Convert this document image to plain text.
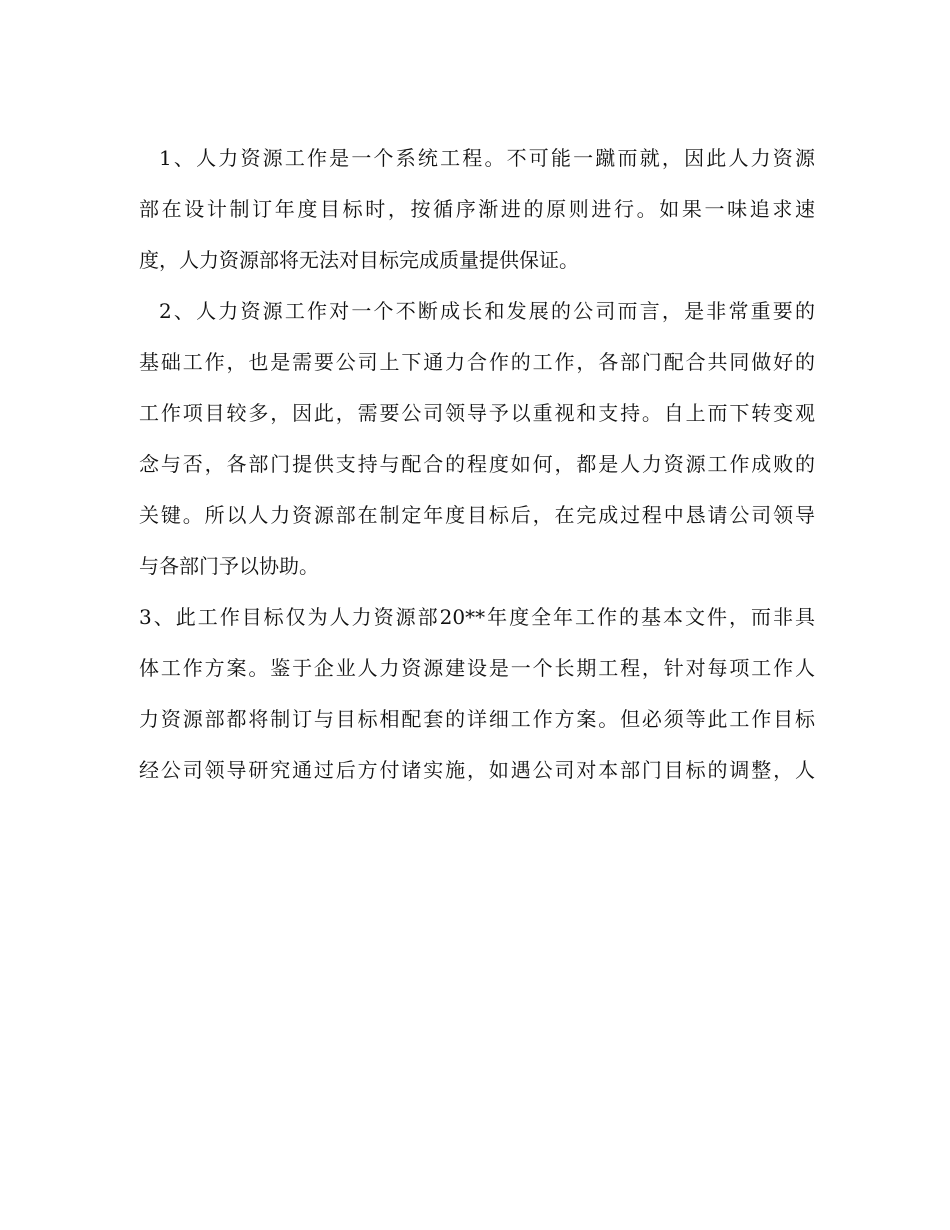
1、人力资源工作是一个系统工程。不可能一蹴而就，因此人力资源
部在设计制订年度目标时，按循序渐进的原则进行。如果一味追求速
度，人力资源部将无法对目标完成质量提供保证。
2、人力资源工作对一个不断成长和发展的公司而言，是非常重要的
基础工作，也是需要公司上下通力合作的工作，各部门配合共同做好的
工作项目较多，因此，需要公司领导予以重视和支持。自上而下转变观
念与否，各部门提供支持与配合的程度如何，都是人力资源工作成败的
关键。所以人力资源部在制定年度目标后，在完成过程中恳请公司领导
与各部门予以协助。
3、此工作目标仅为人力资源部20**年度全年工作的基本文件，而非具
体工作方案。鉴于企业人力资源建设是一个长期工程，针对每项工作人
力资源部都将制订与目标相配套的详细工作方案。但必须等此工作目标
经公司领导研究通过后方付诸实施，如遇公司对本部门目标的调整，人
